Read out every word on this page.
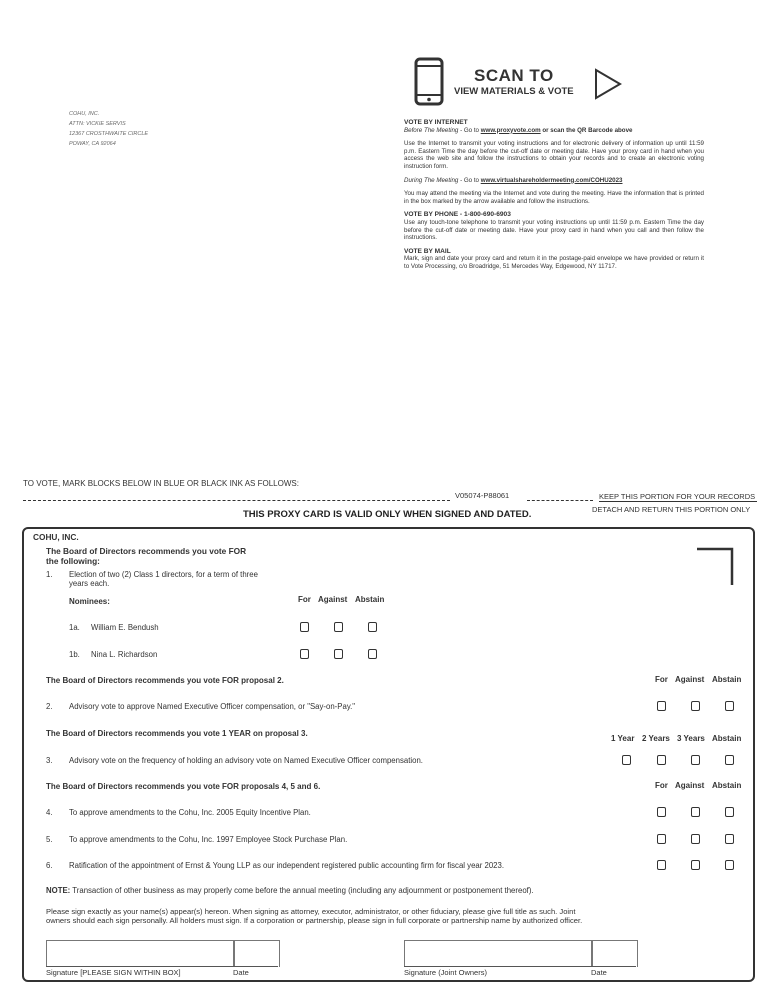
COHU, INC.
ATTN: VICKIE SERVIS
12367 CROSTHWAITE CIRCLE
POWAY, CA 92064
SCAN TO
VIEW MATERIALS & VOTE
VOTE BY INTERNET

Before The Meeting - Go to www.proxyvote.com or scan the QR Barcode above

Use the Internet to transmit your voting instructions and for electronic delivery of information up until 11:59 p.m. Eastern Time the day before the cut-off date or meeting date. Have your proxy card in hand when you access the web site and follow the instructions to obtain your records and to create an electronic voting instruction form.

During The Meeting - Go to www.virtualshareholdermeeting.com/COHU2023

You may attend the meeting via the Internet and vote during the meeting. Have the information that is printed in the box marked by the arrow available and follow the instructions.

VOTE BY PHONE - 1-800-690-6903

Use any touch-tone telephone to transmit your voting instructions up until 11:59 p.m. Eastern Time the day before the cut-off date or meeting date. Have your proxy card in hand when you call and then follow the instructions.

VOTE BY MAIL

Mark, sign and date your proxy card and return it in the postage-paid envelope we have provided or return it to Vote Processing, c/o Broadridge, 51 Mercedes Way, Edgewood, NY 11717.

TO VOTE, MARK BLOCKS BELOW IN BLUE OR BLACK INK AS FOLLOWS:
V05074-P88061	KEEP THIS PORTION FOR YOUR RECORDS
THIS PROXY CARD IS VALID ONLY WHEN SIGNED AND DATED.	DETACH AND RETURN THIS PORTION ONLY
COHU, INC.
The Board of Directors recommends you vote FOR
the following:
1. Election of two (2) Class 1 directors, for a term of three
years each.
Nominees:	For Against Abstain
1a. William E. Bendush
1b. Nina L. Richardson
The Board of Directors recommends you vote FOR proposal 2.	For Against Abstain
2. Advisory vote to approve Named Executive Officer compensation, or "Say-on-Pay."
The Board of Directors recommends you vote 1 YEAR on proposal 3.
1 Year 2 Years 3 Years Abstain
3. Advisory vote on the frequency of holding an advisory vote on Named Executive Officer compensation.
The Board of Directors recommends you vote FOR proposals 4, 5 and 6.	For Against Abstain
4. To approve amendments to the Cohu, Inc. 2005 Equity Incentive Plan.
5. To approve amendments to the Cohu, Inc. 1997 Employee Stock Purchase Plan.
6. Ratification of the appointment of Ernst & Young LLP as our independent registered public accounting firm for fiscal year 2023.
NOTE: Transaction of other business as may properly come before the annual meeting (including any adjournment or postponement thereof).
Please sign exactly as your name(s) appear(s) hereon. When signing as attorney, executor, administrator, or other fiduciary, please give full title as such. Joint
owners should each sign personally. All holders must sign. If a corporation or partnership, please sign in full corporate or partnership name by authorized officer.
Signature [PLEASE SIGN WITHIN BOX]	Date	Signature (Joint Owners)	Date
